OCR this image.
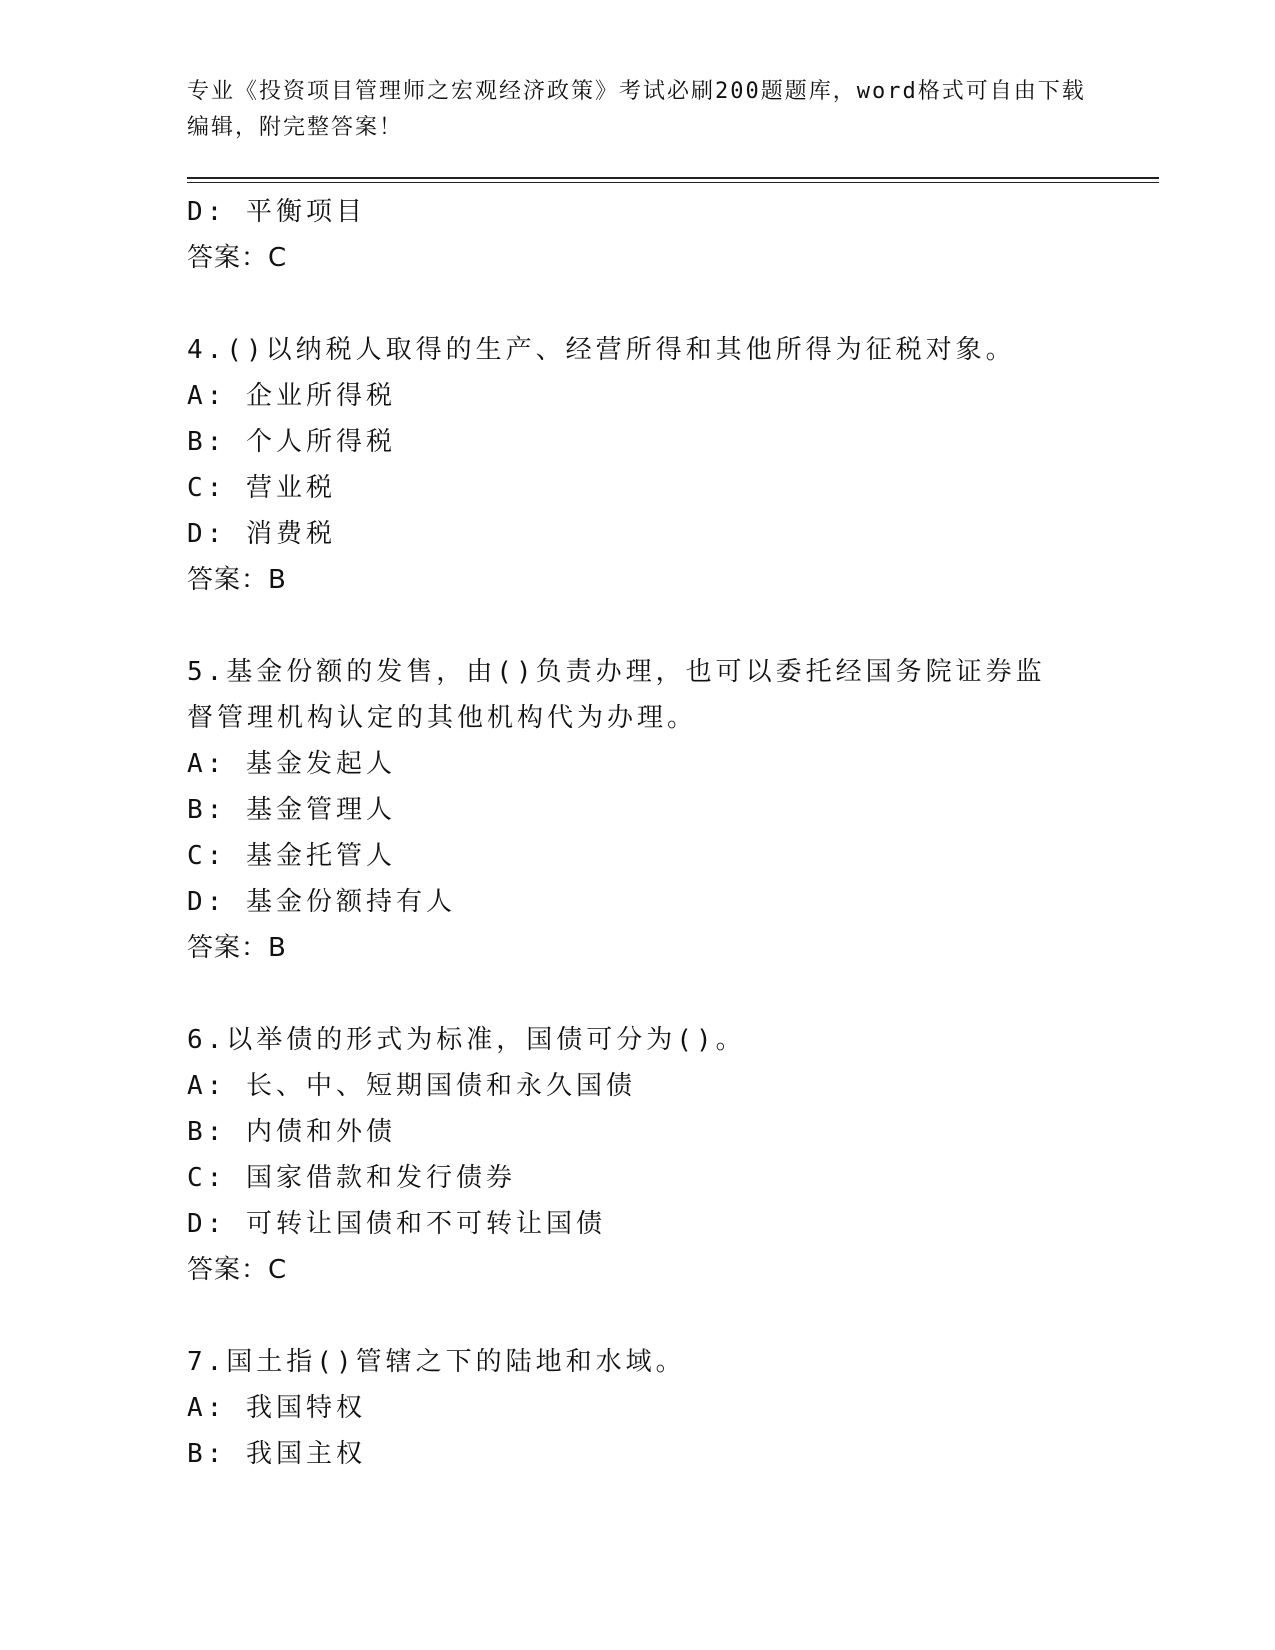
专业《投资项目管理师之宏观经济政策》考试必刷200题题库，word格式可自由下载编辑，附完整答案！
D: 平衡项目
答案：C
4.()以纳税人取得的生产、经营所得和其他所得为征税对象。
A: 企业所得税
B: 个人所得税
C: 营业税
D: 消费税
答案：B
5.基金份额的发售，由()负责办理，也可以委托经国务院证券监督管理机构认定的其他机构代为办理。
A: 基金发起人
B: 基金管理人
C: 基金托管人
D: 基金份额持有人
答案：B
6.以举债的形式为标准，国债可分为()。
A: 长、中、短期国债和永久国债
B: 内债和外债
C: 国家借款和发行债券
D: 可转让国债和不可转让国债
答案：C
7.国土指()管辖之下的陆地和水域。
A: 我国特权
B: 我国主权
